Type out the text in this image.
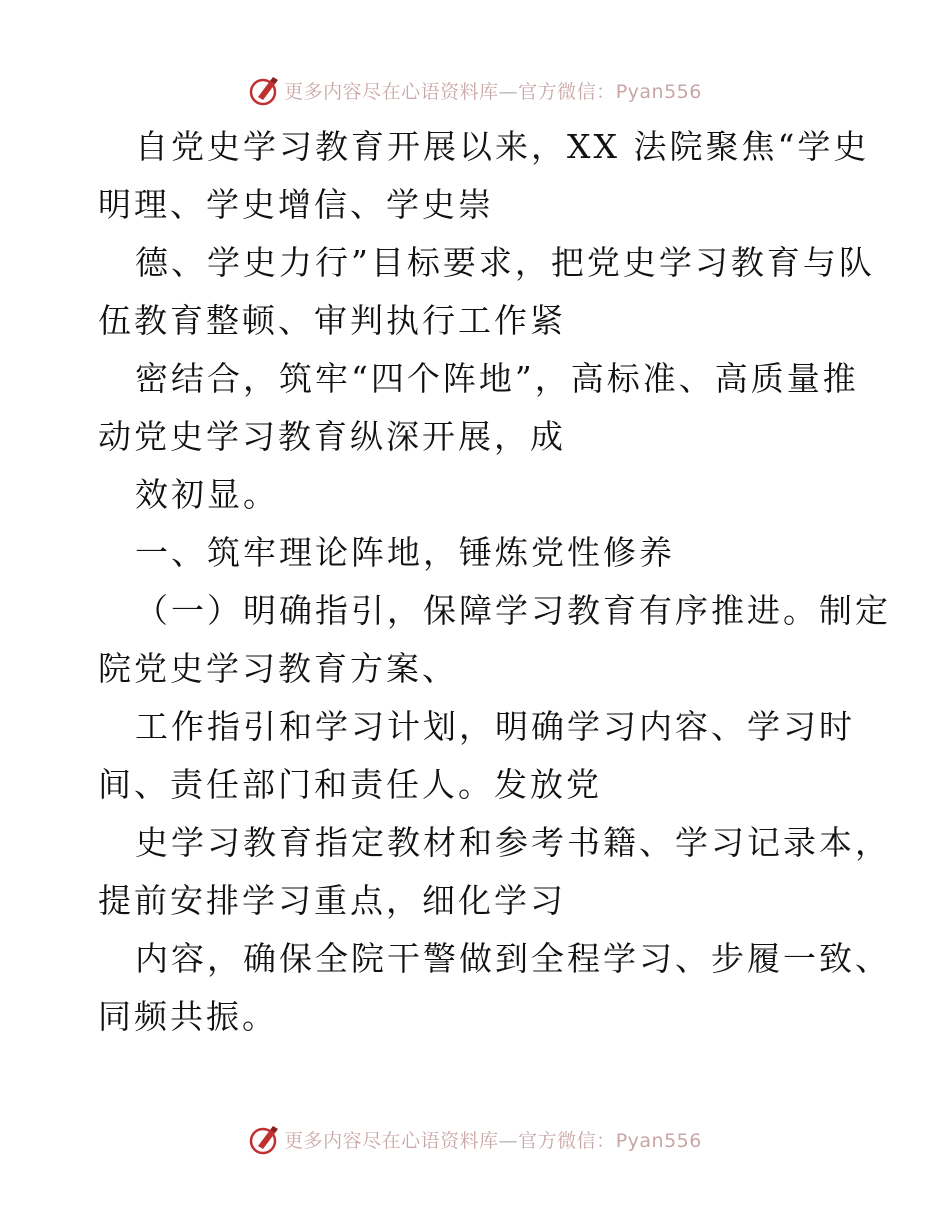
更多内容尽在心语资料库—官方微信：Pyan556
自党史学习教育开展以来，XX 法院聚焦“学史
明理、学史增信、学史崇
德、学史力行”目标要求，把党史学习教育与队
伍教育整顿、审判执行工作紧
密结合，筑牢“四个阵地”，高标准、高质量推
动党史学习教育纵深开展，成
效初显。
一、筑牢理论阵地，锤炼党性修养
（一）明确指引，保障学习教育有序推进。制定
院党史学习教育方案、
工作指引和学习计划，明确学习内容、学习时
间、责任部门和责任人。发放党
史学习教育指定教材和参考书籍、学习记录本，
提前安排学习重点，细化学习
内容，确保全院干警做到全程学习、步履一致、
同频共振。
更多内容尽在心语资料库—官方微信：Pyan556
